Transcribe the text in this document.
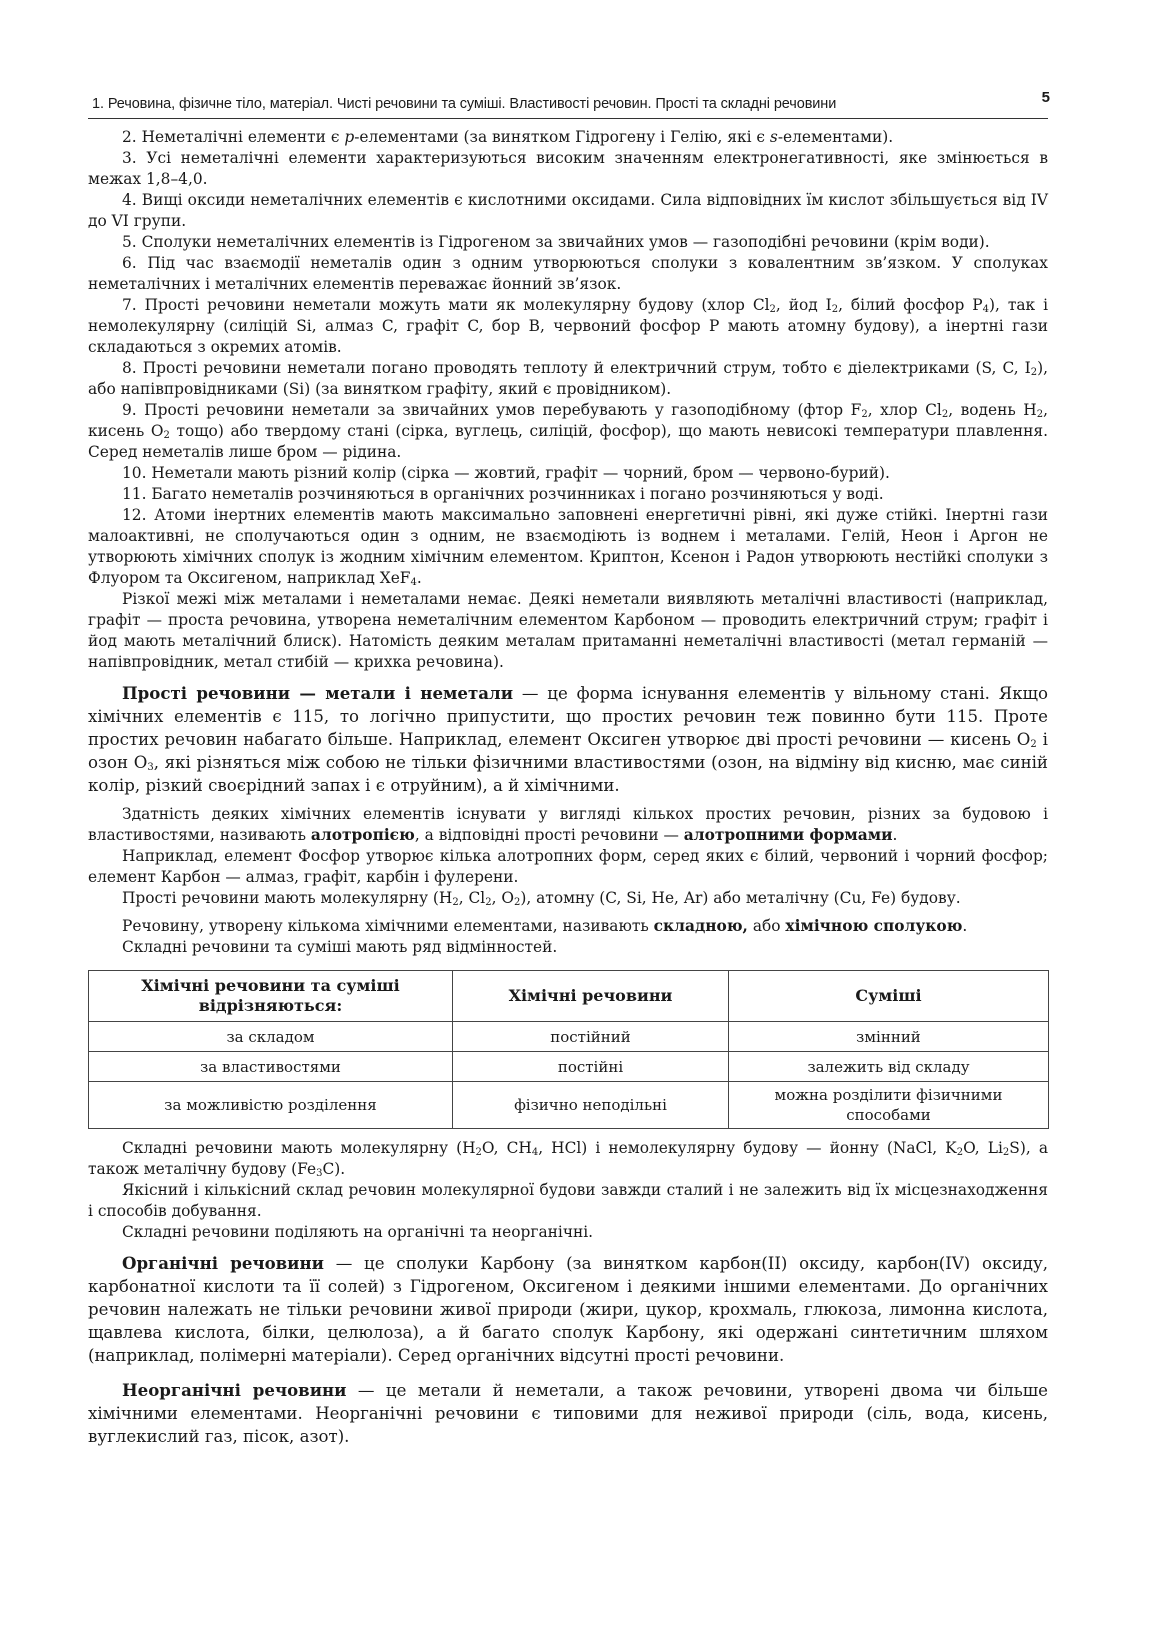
1. Речовина, фізичне тіло, матеріал. Чисті речовини та суміші. Властивості речовин. Прості та складні речовини	5

2. Неметалічні елементи є p-елементами (за винятком Гідрогену і Гелію, які є s-елементами).

3. Усі неметалічні елементи характеризуються високим значенням електронегативності, яке змінюється в межах 1,8–4,0.

4. Вищі оксиди неметалічних елементів є кислотними оксидами. Сила відповідних їм кислот збільшується від IV до VI групи.

5. Сполуки неметалічних елементів із Гідрогеном за звичайних умов — газоподібні речовини (крім води).

6. Під час взаємодії неметалів один з одним утворюються сполуки з ковалентним зв’язком. У сполуках неметалічних і металічних елементів переважає йонний зв’язок.

7. Прості речовини неметали можуть мати як молекулярну будову (хлор $Cl_2$, йод $I_2$, білий фосфор $P_4$), так і немолекулярну (силіцій Si, алмаз C, графіт C, бор B, червоний фосфор P мають атомну будову), а інертні гази складаються з окремих атомів.

8. Прості речовини неметали погано проводять теплоту й електричний струм, тобто є діелектриками (S, C, $I_2$), або напівпровідниками (Si) (за винятком графіту, який є провідником).

9. Прості речовини неметали за звичайних умов перебувають у газоподібному (фтор $F_2$, хлор $Cl_2$, водень $H_2$, кисень $O_2$ тощо) або твердому стані (сірка, вуглець, силіцій, фосфор), що мають невисокі температури плавлення. Серед неметалів лише бром — рідина.

10. Неметали мають різний колір (сірка — жовтий, графіт — чорний, бром — червоно-бурий).

11. Багато неметалів розчиняються в органічних розчинниках і погано розчиняються у воді.

12. Атоми інертних елементів мають максимально заповнені енергетичні рівні, які дуже стійкі. Інертні гази малоактивні, не сполучаються один з одним, не взаємодіють із воднем і металами. Гелій, Неон і Аргон не утворюють хімічних сполук із жодним хімічним елементом. Криптон, Ксенон і Радон утворюють нестійкі сполуки з Флуором та Оксигеном, наприклад XeF$_4$.

Різкої межі між металами і неметалами немає. Деякі неметали виявляють металічні властивості (наприклад, графіт — проста речовина, утворена неметалічним елементом Карбоном — проводить електричний струм; графіт і йод мають металічний блиск). Натомість деяким металам притаманні неметалічні властивості (метал германій — напівпровідник, метал стибій — крихка речовина).

Прості речовини — метали і неметали — це форма існування елементів у вільному стані. Якщо хімічних елементів є 115, то логічно припустити, що простих речовин теж повинно бути 115. Проте простих речовин набагато більше. Наприклад, елемент Оксиген утворює дві прості речовини — кисень $O_2$ і озон $O_3$, які різняться між собою не тільки фізичними властивостями (озон, на відміну від кисню, має синій колір, різкий своєрідний запах і є отруйним), а й хімічними.

Здатність деяких хімічних елементів існувати у вигляді кількох простих речовин, різних за будовою і властивостями, називають алотропією, а відповідні прості речовини — алотропними формами.

Наприклад, елемент Фосфор утворює кілька алотропних форм, серед яких є білий, червоний і чорний фосфор; елемент Карбон — алмаз, графіт, карбін і фулерени.

Прості речовини мають молекулярну ($H_2$, $Cl_2$, $O_2$), атомну (C, Si, He, Ar) або металічну (Cu, Fe) будову.

Речовину, утворену кількома хімічними елементами, називають складною, або хімічною сполукою.

Складні речовини та суміші мають ряд відмінностей.

Хімічні речовини та суміші відрізняються:	Хімічні речовини	Суміші
за складом	постійний	змінний
за властивостями	постійні	залежить від складу
за можливістю розділення	фізично неподільні	можна розділити фізичними способами

Складні речовини мають молекулярну ($H_2O$, $CH_4$, HCl) і немолекулярну будову — йонну (NaCl, $K_2O$, $Li_2S$), а також металічну будову $(Fe_3C)$.

Якісний і кількісний склад речовин молекулярної будови завжди сталий і не залежить від їх місцезнаходження і способів добування.

Складні речовини поділяють на органічні та неорганічні.

Органічні речовини — це сполуки Карбону (за винятком карбон(II) оксиду, карбон(IV) оксиду, карбонатної кислоти та її солей) з Гідрогеном, Оксигеном і деякими іншими елементами. До органічних речовин належать не тільки речовини живої природи (жири, цукор, крохмаль, глюкоза, лимонна кислота, щавлева кислота, білки, целюлоза), а й багато сполук Карбону, які одержані синтетичним шляхом (наприклад, полімерні матеріали). Серед органічних відсутні прості речовини.

Неорганічні речовини — це метали й неметали, а також речовини, утворені двома чи більше хімічними елементами. Неорганічні речовини є типовими для неживої природи (сіль, вода, кисень, вуглекислий газ, пісок, азот).
